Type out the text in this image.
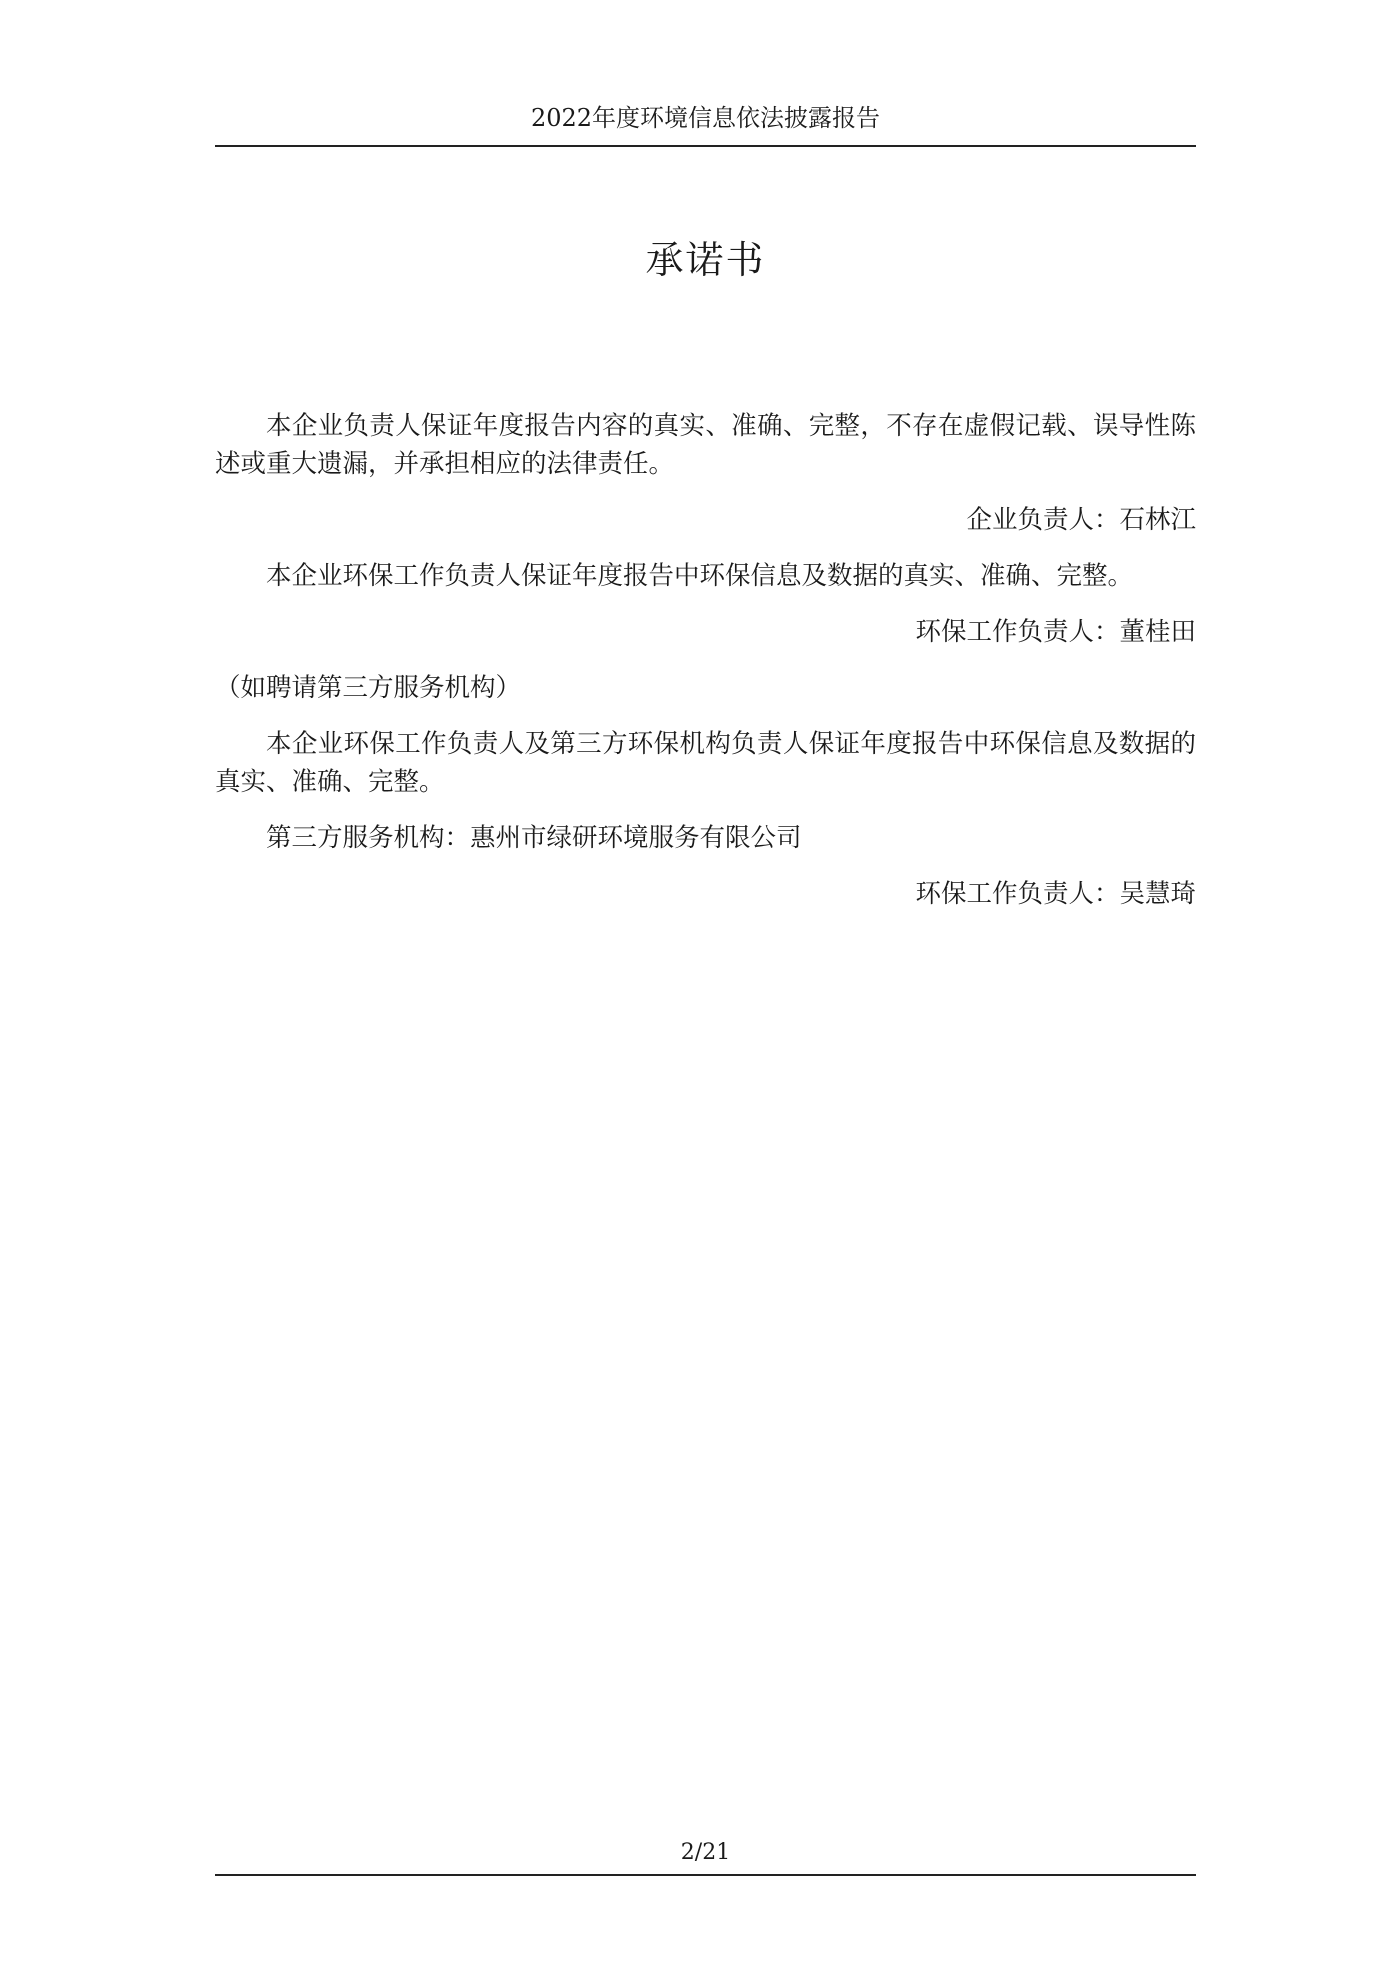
2022年度环境信息依法披露报告
承诺书

本企业负责人保证年度报告内容的真实、准确、完整，不存在虚假记载、误导性陈述或重大遗漏，并承担相应的法律责任。

企业负责人：石林江

本企业环保工作负责人保证年度报告中环保信息及数据的真实、准确、完整。

环保工作负责人：董桂田

（如聘请第三方服务机构）

本企业环保工作负责人及第三方环保机构负责人保证年度报告中环保信息及数据的真实、准确、完整。

第三方服务机构：惠州市绿研环境服务有限公司

环保工作负责人：吴慧琦

2/21
